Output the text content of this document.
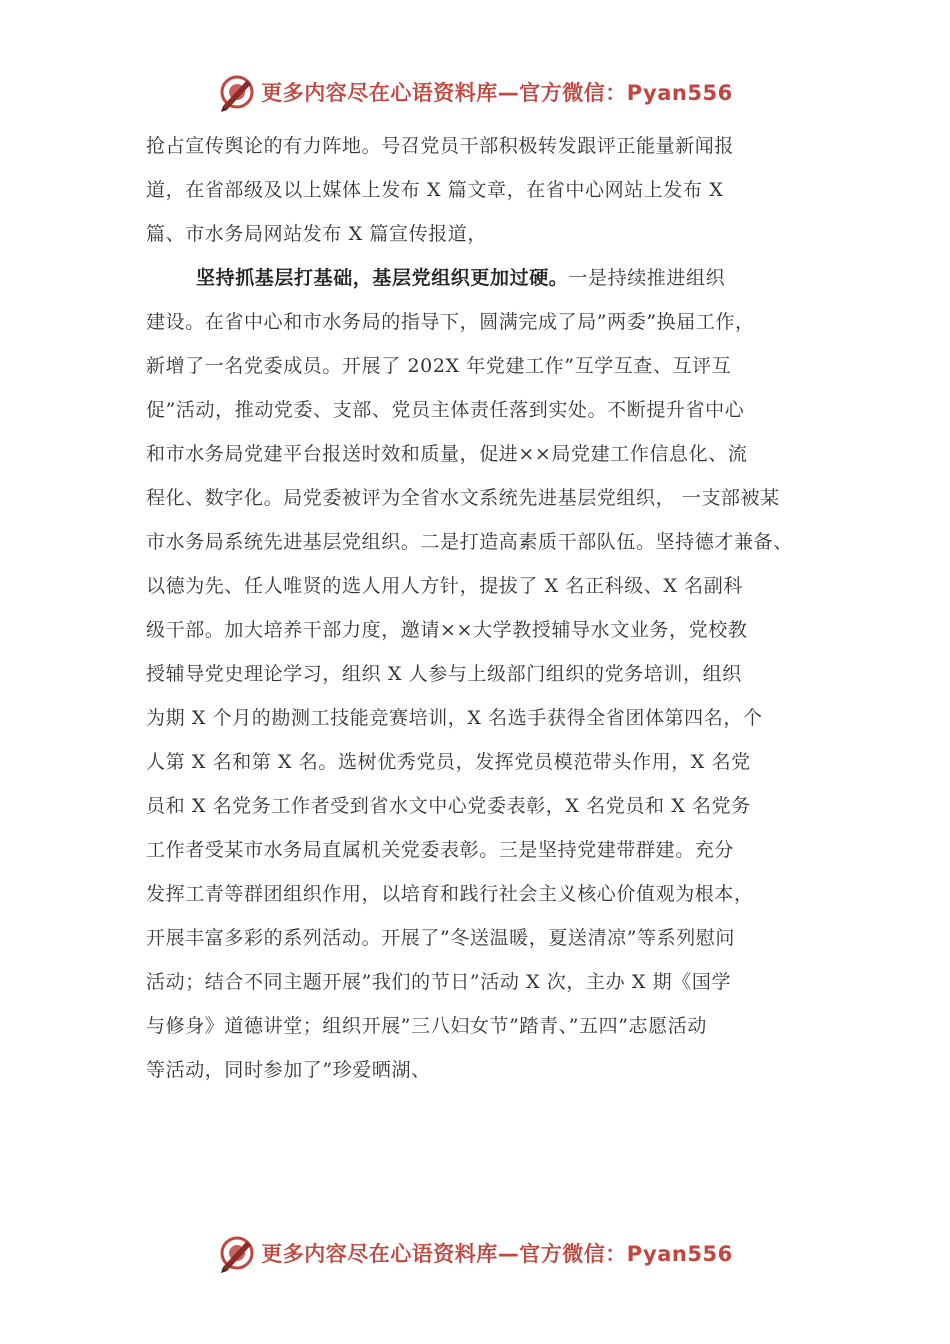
更多内容尽在心语资料库—官方微信：Pyan556
抢占宣传舆论的有力阵地。号召党员干部积极转发跟评正能量新闻报
道，在省部级及以上媒体上发布 X 篇文章，在省中心网站上发布 X
篇、市水务局网站发布 X 篇宣传报道，
坚持抓基层打基础，基层党组织更加过硬。一是持续推进组织
建设。在省中心和市水务局的指导下，圆满完成了局”两委”换届工作，
新增了一名党委成员。开展了 202X 年党建工作”互学互查、互评互
促”活动，推动党委、支部、党员主体责任落到实处。不断提升省中心
和市水务局党建平台报送时效和质量，促进××局党建工作信息化、流
程化、数字化。局党委被评为全省水文系统先进基层党组织， 一支部被某
市水务局系统先进基层党组织。二是打造高素质干部队伍。坚持德才兼备、
以德为先、任人唯贤的选人用人方针，提拔了 X 名正科级、X 名副科
级干部。加大培养干部力度，邀请××大学教授辅导水文业务，党校教
授辅导党史理论学习，组织 X 人参与上级部门组织的党务培训，组织
为期 X 个月的勘测工技能竞赛培训，X 名选手获得全省团体第四名，个
人第 X 名和第 X 名。选树优秀党员，发挥党员模范带头作用，X 名党
员和 X 名党务工作者受到省水文中心党委表彰，X 名党员和 X 名党务
工作者受某市水务局直属机关党委表彰。三是坚持党建带群建。充分
发挥工青等群团组织作用，以培育和践行社会主义核心价值观为根本，
开展丰富多彩的系列活动。开展了”冬送温暖，夏送清凉”等系列慰问
活动；结合不同主题开展”我们的节日”活动 X 次，主办 X 期《国学
与修身》道德讲堂；组织开展”三八妇女节”踏青、”五四”志愿活动
等活动，同时参加了”珍爱晒湖、
更多内容尽在心语资料库—官方微信：Pyan556
